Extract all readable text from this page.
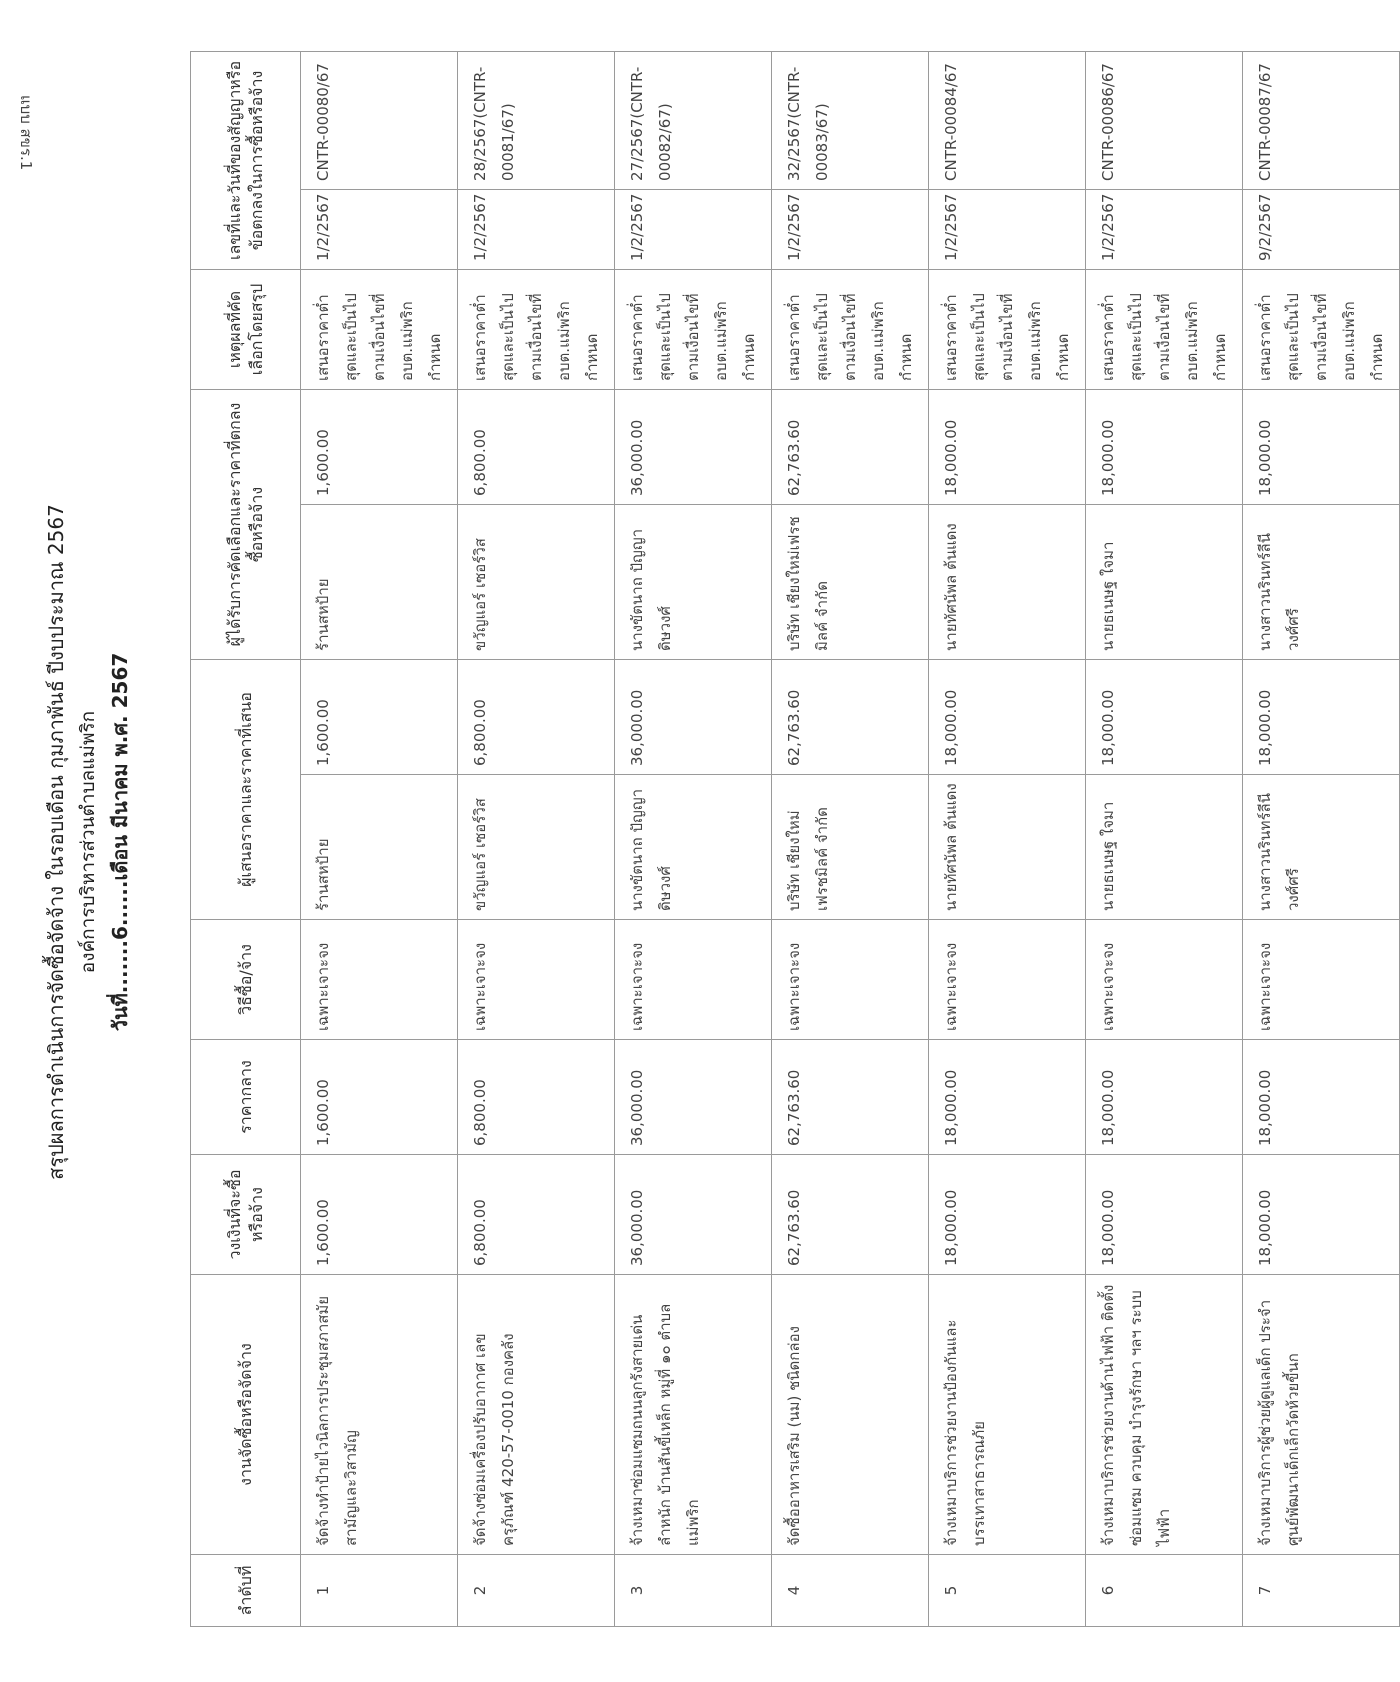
แบบ สขร.1
สรุปผลการดำเนินการจัดซื้อจัดจ้าง ในรอบเดือน กุมภาพันธ์ ปีงบประมาณ 2567 องค์การบริหารส่วนตำบลแม่พริก วันที่.......6......เดือน มีนาคม พ.ศ. 2567
ลำดับที่	งานจัดซื้อหรือจัดจ้าง	วงเงินที่จะซื้อหรือจ้าง	ราคากลาง	วิธีซื้อ/จ้าง	ผู้เสนอราคาและราคาที่เสนอ		ผู้ได้รับการคัดเลือกและราคาที่ตกลงซื้อหรือจ้าง		เหตุผลที่คัดเลือกโดยสรุป	เลขที่และวันที่ของสัญญาหรือข้อตกลงในการซื้อหรือจ้าง	
1	จัดจ้างทำป้ายไวนิลการประชุมสภาสมัยสามัญและวิสามัญ	1,600.00	1,600.00	เฉพาะเจาะจง	ร้านสหป้าย	1,600.00	ร้านสหป้าย	1,600.00	เสนอราคาต่ำสุดและเป็นไปตามเงื่อนไขที่ อบต.แม่พริกกำหนด	1/2/2567	CNTR-00080/67
2	จัดจ้างซ่อมเครื่องปรับอากาศ เลขครุภัณฑ์ 420-57-0010 กองคลัง	6,800.00	6,800.00	เฉพาะเจาะจง	ขวัญแอร์ เซอร์วิส	6,800.00	ขวัญแอร์ เซอร์วิส	6,800.00	เสนอราคาต่ำสุดและเป็นไปตามเงื่อนไขที่ อบต.แม่พริกกำหนด	1/2/2567	28/2567(CNTR-00081/67)
3	จ้างเหมาซ่อมแซมถนนลูกรังสายเด่นลำหนัก บ้านสันขี้เหล็ก หมู่ที่ ๑๐ ตำบลแม่พริก	36,000.00	36,000.00	เฉพาะเจาะจง	นางขัตนาถ ปัญญาดิษวงศ์	36,000.00	นางขัตนาถ ปัญญาดิษวงศ์	36,000.00	เสนอราคาต่ำสุดและเป็นไปตามเงื่อนไขที่ อบต.แม่พริกกำหนด	1/2/2567	27/2567(CNTR-00082/67)
4	จัดซื้ออาหารเสริม (นม) ชนิดกล่อง	62,763.60	62,763.60	เฉพาะเจาะจง	บริษัท เชียงใหม่เฟรชมิลค์ จำกัด	62,763.60	บริษัท เชียงใหม่เฟรชมิลค์ จำกัด	62,763.60	เสนอราคาต่ำสุดและเป็นไปตามเงื่อนไขที่ อบต.แม่พริกกำหนด	1/2/2567	32/2567(CNTR-00083/67)
5	จ้างเหมาบริการช่วยงานป้องกันและบรรเทาสาธารณภัย	18,000.00	18,000.00	เฉพาะเจาะจง	นายทัศนัพล ต้นแดง	18,000.00	นายทัศนัพล ต้นแดง	18,000.00	เสนอราคาต่ำสุดและเป็นไปตามเงื่อนไขที่ อบต.แม่พริกกำหนด	1/2/2567	CNTR-00084/67
6	จ้างเหมาบริการช่วยงานด้านไฟฟ้า ติดตั้ง ซ่อมแซม ควบคุม บำรุงรักษา ฯลฯ ระบบไฟฟ้า	18,000.00	18,000.00	เฉพาะเจาะจง	นายธเนษฐ ใจมา	18,000.00	นายธเนษฐ ใจมา	18,000.00	เสนอราคาต่ำสุดและเป็นไปตามเงื่อนไขที่ อบต.แม่พริกกำหนด	1/2/2567	CNTR-00086/67
7	จ้างเหมาบริการผู้ช่วยผู้ดูแลเด็ก ประจำศูนย์พัฒนาเด็กเล็กวัดห้วยขี้นก	18,000.00	18,000.00	เฉพาะเจาะจง	นางสาวนรินทร์ลีนี วงศ์ศรี	18,000.00	นางสาวนรินทร์ลีนี วงศ์ศรี	18,000.00	เสนอราคาต่ำสุดและเป็นไปตามเงื่อนไขที่ อบต.แม่พริกกำหนด	9/2/2567	CNTR-00087/67
